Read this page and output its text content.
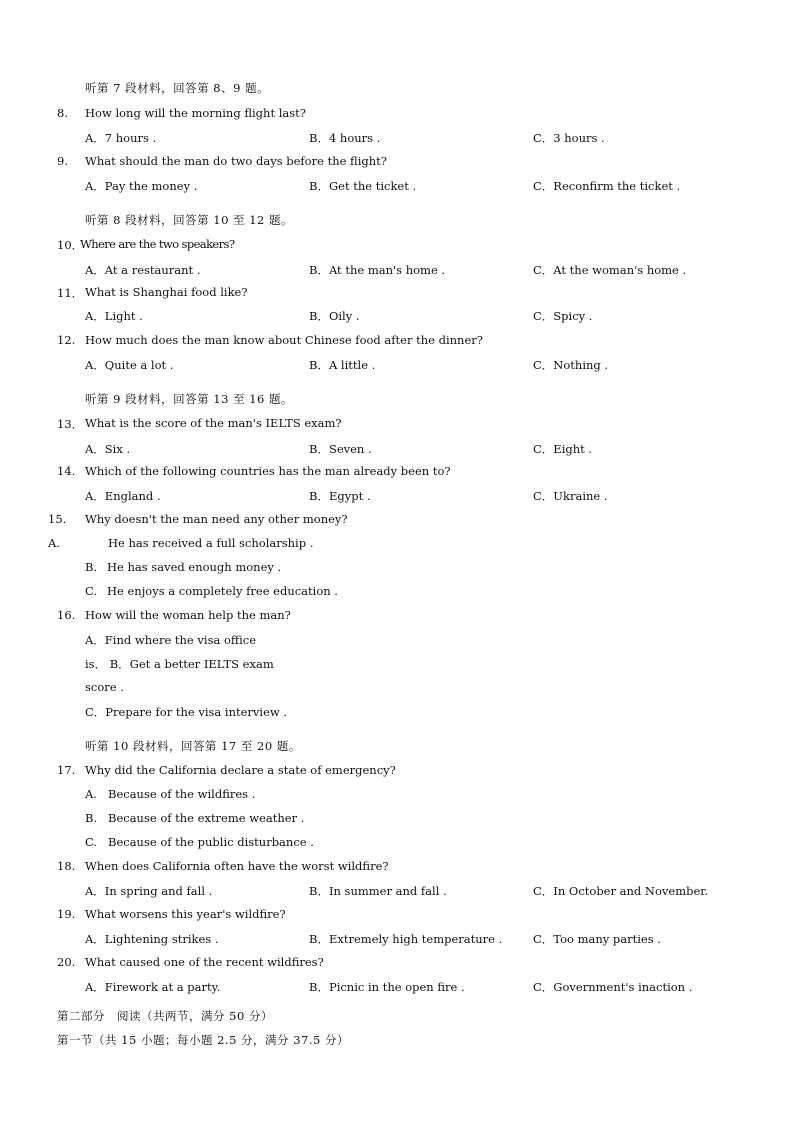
听第 7 段材料，回答第 8、9 题。
8. How long will the morning flight last?
A．7 hours .	B．4 hours .	C．3 hours .
9. What should the man do two days before the flight?
A．Pay the money .	B．Get the ticket .	C．Reconfirm the ticket .
听第 8 段材料，回答第 10 至 12 题。
10．
Where are the two speakers?
A．At a restaurant .	B．At the man's home .	C．At the woman's home .
11． What is Shanghai food like?
A．Light .	B．Oily .	C．Spicy .
12. How much does the man know about Chinese food after the dinner?
A．Quite a lot .	B．A little .	C．Nothing .
听第 9 段材料，回答第 13 至 16 题。
13． What is the score of the man's IELTS exam?
A．Six .	B．Seven .	C．Eight .
14. Which of the following countries has the man already been to?
A．England .	B．Egypt .	C．Ukraine .
15. Why doesn't the man need any other money?
A.	He has received a full scholarship .
B. He has saved enough money .
C. He enjoys a completely free education .
16. How will the woman help the man?
A．Find where the visa office
is． B．Get a better IELTS exam
score .
C．Prepare for the visa interview .
听第 10 段材料，回答第 17 至 20 题。
17. Why did the California declare a state of emergency?
A. Because of the wildfires .
B. Because of the extreme weather .
C. Because of the public disturbance .
18. When does California often have the worst wildfire?
A．In spring and fall .	B．In summer and fall .	C．In October and November.
19. What worsens this year's wildfire?
A．Lightening strikes .	B．Extremely high temperature .	C．Too many parties .
20. What caused one of the recent wildfires?
A．Firework at a party.	B．Picnic in the open fire .	C．Government's inaction .
第二部分　阅读（共两节，满分 50 分）
第一节（共 15 小题；每小题 2.5 分，满分 37.5 分）
